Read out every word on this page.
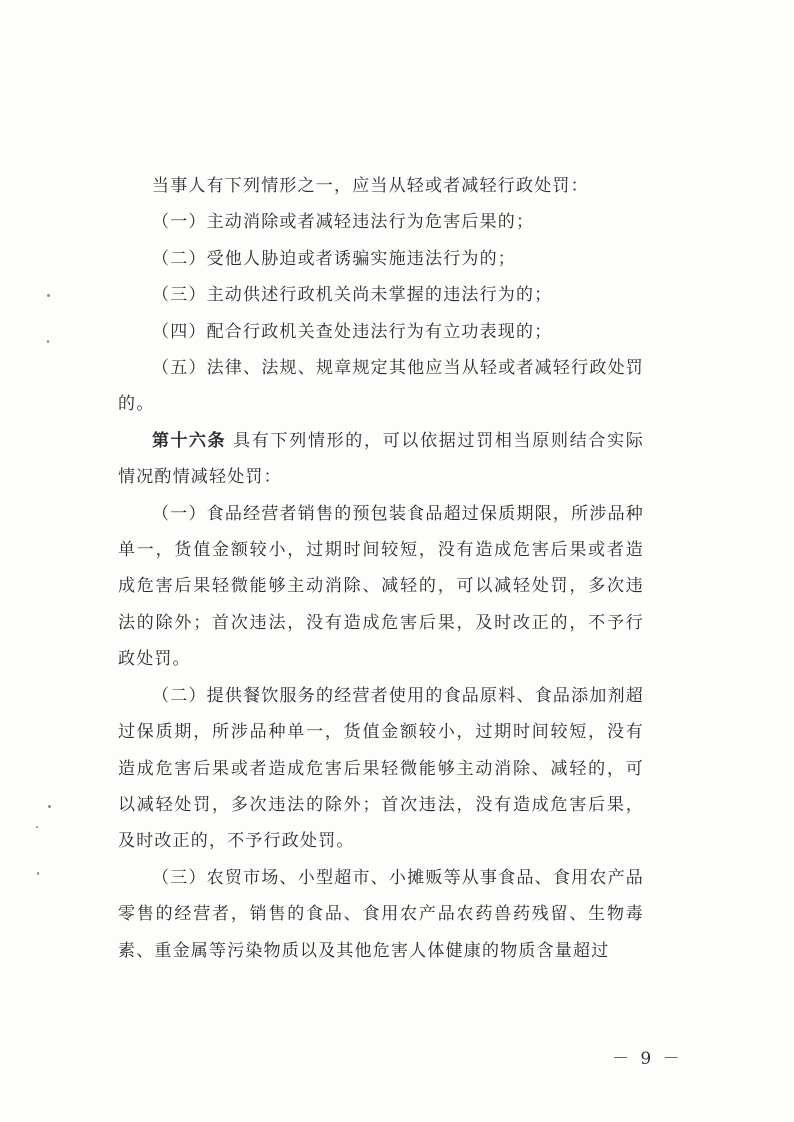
当事人有下列情形之一，应当从轻或者减轻行政处罚：

（一）主动消除或者减轻违法行为危害后果的；

（二）受他人胁迫或者诱骗实施违法行为的；

（三）主动供述行政机关尚未掌握的违法行为的；

（四）配合行政机关查处违法行为有立功表现的；

（五）法律、法规、规章规定其他应当从轻或者减轻行政处罚的。

第十六条 具有下列情形的，可以依据过罚相当原则结合实际情况酌情减轻处罚：

（一）食品经营者销售的预包装食品超过保质期限，所涉品种单一，货值金额较小，过期时间较短，没有造成危害后果或者造成危害后果轻微能够主动消除、减轻的，可以减轻处罚，多次违法的除外；首次违法，没有造成危害后果，及时改正的，不予行政处罚。

（二）提供餐饮服务的经营者使用的食品原料、食品添加剂超过保质期，所涉品种单一，货值金额较小，过期时间较短，没有造成危害后果或者造成危害后果轻微能够主动消除、减轻的，可以减轻处罚，多次违法的除外；首次违法，没有造成危害后果，及时改正的，不予行政处罚。

（三）农贸市场、小型超市、小摊贩等从事食品、食用农产品零售的经营者，销售的食品、食用农产品农药兽药残留、生物毒素、重金属等污染物质以及其他危害人体健康的物质含量超过

－ 9 －
